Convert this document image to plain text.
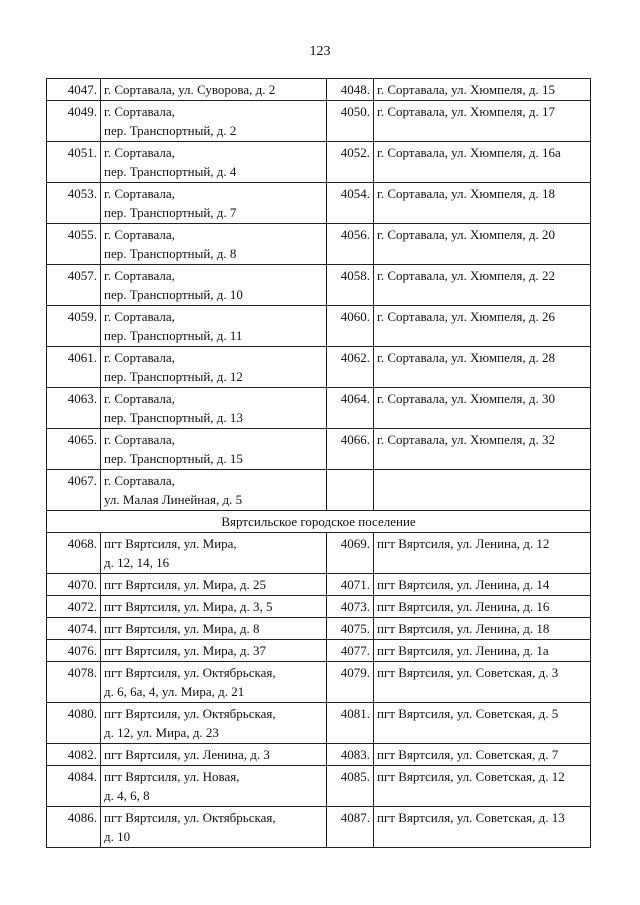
123
4047.	г. Сортавала, ул. Суворова, д. 2	4048.	г. Сортавала, ул. Хюмпеля, д. 15

4049.	г. Сортавала,
пер. Транспортный, д. 2	4050.	г. Сортавала, ул. Хюмпеля, д. 17

4051.	г. Сортавала,
пер. Транспортный, д. 4	4052.	г. Сортавала, ул. Хюмпеля, д. 16а

4053.	г. Сортавала,
пер. Транспортный, д. 7	4054.	г. Сортавала, ул. Хюмпеля, д. 18

4055.	г. Сортавала,
пер. Транспортный, д. 8	4056.	г. Сортавала, ул. Хюмпеля, д. 20

4057.	г. Сортавала,
пер. Транспортный, д. 10	4058.	г. Сортавала, ул. Хюмпеля, д. 22

4059.	г. Сортавала,
пер. Транспортный, д. 11	4060.	г. Сортавала, ул. Хюмпеля, д. 26

4061.	г. Сортавала,
пер. Транспортный, д. 12	4062.	г. Сортавала, ул. Хюмпеля, д. 28

4063.	г. Сортавала,
пер. Транспортный, д. 13	4064.	г. Сортавала, ул. Хюмпеля, д. 30

4065.	г. Сортавала,
пер. Транспортный, д. 15	4066.	г. Сортавала, ул. Хюмпеля, д. 32

4067.	г. Сортавала,
ул. Малая Линейная, д. 5		

Вяртсильское городское поселение			
4068.	пгт Вяртсиля, ул. Мира,
д. 12, 14, 16	4069.	пгт Вяртсиля, ул. Ленина, д. 12

4070.	пгт Вяртсиля, ул. Мира, д. 25	4071.	пгт Вяртсиля, ул. Ленина, д. 14

4072.	пгт Вяртсиля, ул. Мира, д. 3, 5	4073.	пгт Вяртсиля, ул. Ленина, д. 16

4074.	пгт Вяртсиля, ул. Мира, д. 8	4075.	пгт Вяртсиля, ул. Ленина, д. 18

4076.	пгт Вяртсиля, ул. Мира, д. 37	4077.	пгт Вяртсиля, ул. Ленина, д. 1а

4078.	пгт Вяртсиля, ул. Октябрьская,
д. 6, 6а, 4, ул. Мира, д. 21	4079.	пгт Вяртсиля, ул. Советская, д. 3

4080.	пгт Вяртсиля, ул. Октябрьская,
д. 12, ул. Мира, д. 23	4081.	пгт Вяртсиля, ул. Советская, д. 5

4082.	пгт Вяртсиля, ул. Ленина, д. 3	4083.	пгт Вяртсиля, ул. Советская, д. 7

4084.	пгт Вяртсиля, ул. Новая,
д. 4, 6, 8	4085.	пгт Вяртсиля, ул. Советская, д. 12

4086.	пгт Вяртсиля, ул. Октябрьская,
д. 10	4087.	пгт Вяртсиля, ул. Советская, д. 13
